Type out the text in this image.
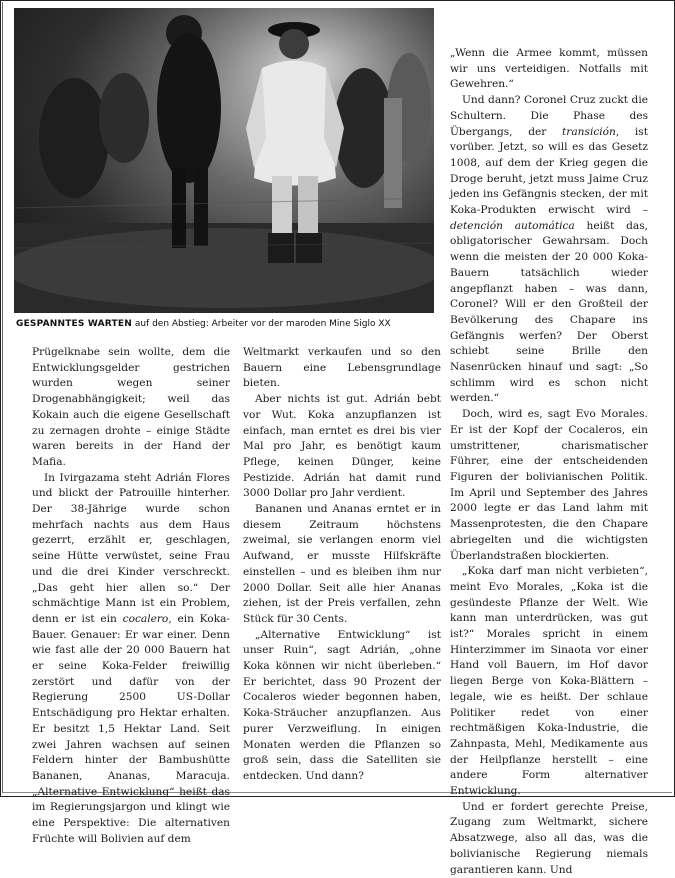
GESPANNTES WARTEN auf den Abstieg: Arbeiter vor der maroden Mine Siglo XX

Prügelknabe sein wollte, dem die Entwicklungsgelder gestrichen wurden wegen seiner Drogenabhängigkeit; weil das Kokain auch die eigene Gesellschaft zu zernagen drohte – einige Städte waren bereits in der Hand der Mafia.

In Ivirgazama steht Adrián Flores und blickt der Patrouille hinterher. Der 38-Jährige wurde schon mehrfach nachts aus dem Haus gezerrt, erzählt er, geschlagen, seine Hütte verwüstet, seine Frau und die drei Kinder verschreckt. „Das geht hier allen so.“ Der schmächtige Mann ist ein Problem, denn er ist ein cocalero, ein Koka-Bauer. Genauer: Er war einer. Denn wie fast alle der 20 000 Bauern hat er seine Koka-Felder freiwillig zerstört und dafür von der Regierung 2500 US-Dollar Entschädigung pro Hektar erhalten. Er besitzt 1,5 Hektar Land. Seit zwei Jahren wachsen auf seinen Feldern hinter der Bambushütte Bananen, Ananas, Maracuja. „Alternative Entwicklung“ heißt das im Regierungsjargon und klingt wie eine Perspektive: Die alternativen Früchte will Bolivien auf dem

Weltmarkt verkaufen und so den Bauern eine Lebensgrundlage bieten.

Aber nichts ist gut. Adrián bebt vor Wut. Koka anzupflanzen ist einfach, man erntet es drei bis vier Mal pro Jahr, es benötigt kaum Pflege, keinen Dünger, keine Pestizide. Adrián hat damit rund 3000 Dollar pro Jahr verdient.

Bananen und Ananas erntet er in diesem Zeitraum höchstens zweimal, sie verlangen enorm viel Aufwand, er musste Hilfskräfte einstellen – und es bleiben ihm nur 2000 Dollar. Seit alle hier Ananas ziehen, ist der Preis verfallen, zehn Stück für 30 Cents.

„Alternative Entwicklung“ ist unser Ruin“, sagt Adrián, „ohne Koka können wir nicht überleben.“ Er berichtet, dass 90 Prozent der Cocaleros wieder begonnen haben, Koka-Sträucher anzupflanzen. Aus purer Verzweiflung. In einigen Monaten werden die Pflanzen so groß sein, dass die Satelliten sie entdecken. Und dann?

„Wenn die Armee kommt, müssen wir uns verteidigen. Notfalls mit Gewehren.“

Und dann? Coronel Cruz zuckt die Schultern. Die Phase des Übergangs, der transición, ist vorüber. Jetzt, so will es das Gesetz 1008, auf dem der Krieg gegen die Droge beruht, jetzt muss Jaime Cruz jeden ins Gefängnis stecken, der mit Koka-Produkten erwischt wird – detención automática heißt das, obligatorischer Gewahrsam. Doch wenn die meisten der 20 000 Koka-Bauern tatsächlich wieder angepflanzt haben – was dann, Coronel? Will er den Großteil der Bevölkerung des Chapare ins Gefängnis werfen? Der Oberst schiebt seine Brille den Nasenrücken hinauf und sagt: „So schlimm wird es schon nicht werden.“

Doch, wird es, sagt Evo Morales. Er ist der Kopf der Cocaleros, ein umstrittener, charismatischer Führer, eine der entscheidenden Figuren der bolivianischen Politik. Im April und September des Jahres 2000 legte er das Land lahm mit Massenprotesten, die den Chapare abriegelten und die wichtigsten Überlandstraßen blockierten.

„Koka darf man nicht verbieten“, meint Evo Morales, „Koka ist die gesündeste Pflanze der Welt. Wie kann man unterdrücken, was gut ist?“ Morales spricht in einem Hinterzimmer im Sinaota vor einer Hand voll Bauern, im Hof davor liegen Berge von Koka-Blättern – legale, wie es heißt. Der schlaue Politiker redet von einer rechtmäßigen Koka-Industrie, die Zahnpasta, Mehl, Medikamente aus der Heilpflanze herstellt – eine andere Form alternativer Entwicklung.

Und er fordert gerechte Preise, Zugang zum Weltmarkt, sichere Absatzwege, also all das, was die bolivianische Regierung niemals garantieren kann. Und
